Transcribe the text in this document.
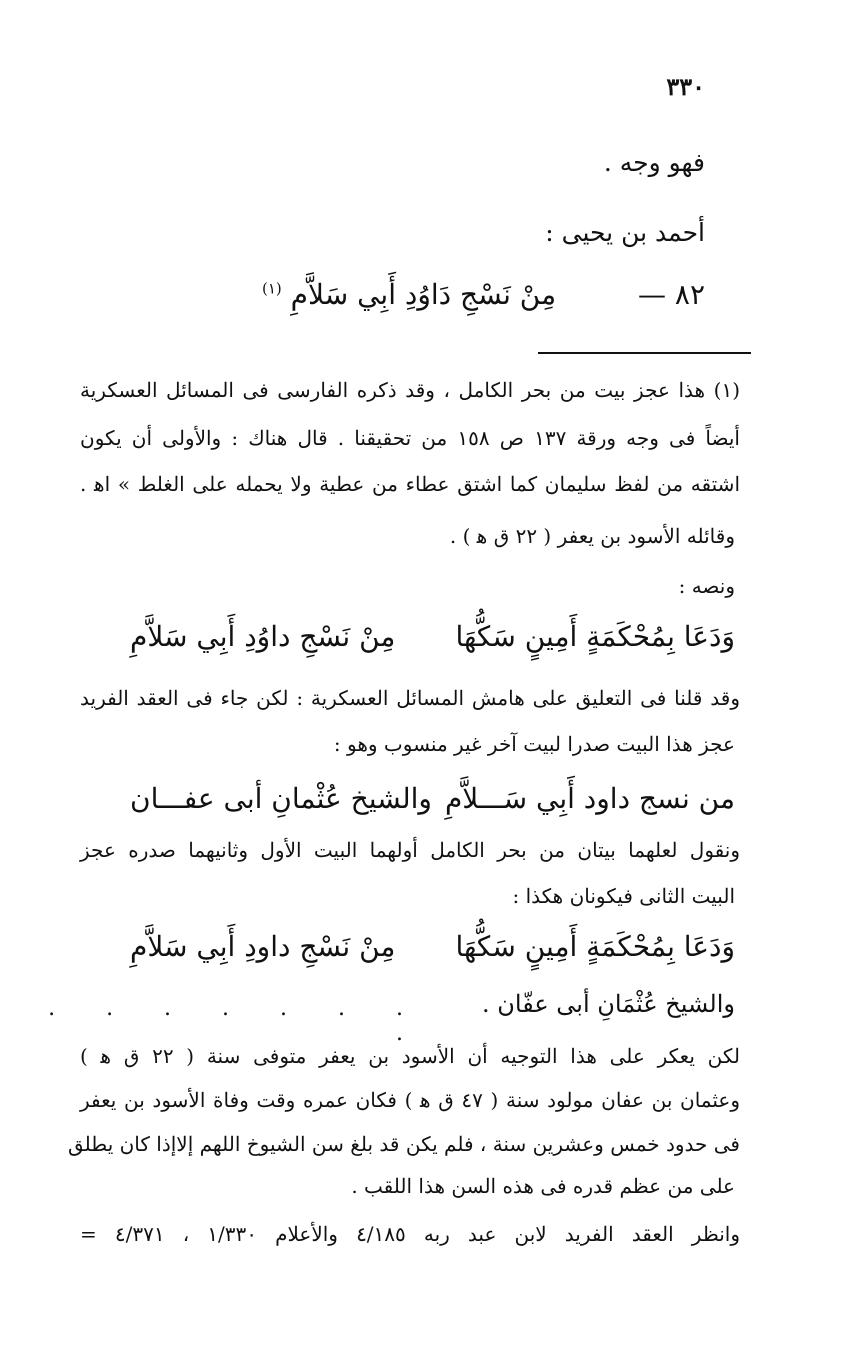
٣٣٠
فهو وجه .
أحمد بن يحيى :
٨٢ — مِنْ نَسْجِ دَاوُدِ أَبِي سَلاَّمِ $^{(١)}$
(١) هذا عجز بيت من بحر الكامل ، وقد ذكره الفارسى فى المسائل العسكرية
أيضاً فى وجه ورقة ١٣٧ ص ١٥٨ من تحقيقنا . قال هناك : والأولى أن يكون
اشتقه من لفظ سليمان كما اشتق عطاء من عطية ولا يحمله على الغلط » اﻫ .
وقائله الأسود بن يعفر ( ٢٢ ق ﻫ ) .
ونصه :
وَدَعَا بِمُحْكَمَةٍ أَمِينٍ سَكُّهَا
مِنْ نَسْجِ داوُدِ أَبِي سَلاَّمِ
وقد قلنا فى التعليق على هامش المسائل العسكرية : لكن جاء فى العقد الفريد
عجز هذا البيت صدرا لبيت آخر غير منسوب وهو :
من نسج داود أَبِي سَـــلاَّمِ
والشيخ عُثْمانِ أبى عفـــان
ونقول لعلهما بيتان من بحر الكامل أولهما البيت الأول وثانيهما صدره عجز
البيت الثانى فيكونان هكذا :
وَدَعَا بِمُحْكَمَةٍ أَمِينٍ سَكُّهَا
مِنْ نَسْجِ داودِ أَبِي سَلاَّمِ
والشيخ عُثْمَانِ أبى عفّان .
. . . . . . . .
لكن يعكر على هذا التوجيه أن الأسود بن يعفر متوفى سنة ( ٢٢ ق ﻫ )
وعثمان بن عفان مولود سنة ( ٤٧ ق ﻫ ) فكان عمره وقت وفاة الأسود بن يعفر
فى حدود خمس وعشرين سنة ، فلم يكن قد بلغ سن الشيوخ اللهم إلاإذا كان يطلق
على من عظم قدره فى هذه السن هذا اللقب .
وانظر العقد الفريد لابن عبد ربه ٤/١٨٥ والأعلام ١/٣٣٠ ، ٤/٣٧١ =
